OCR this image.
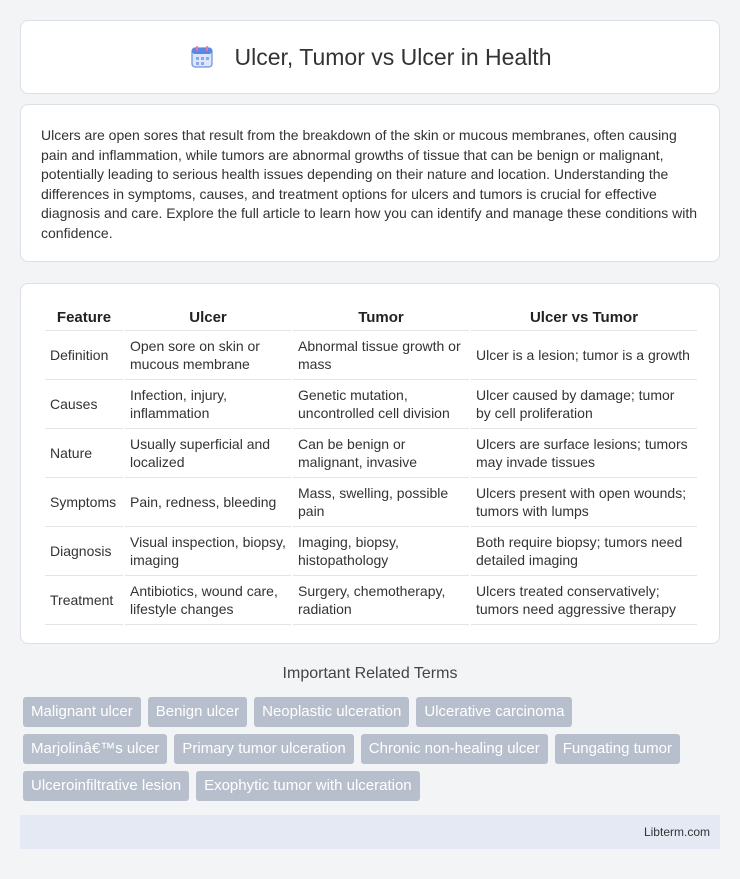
Ulcer, Tumor vs Ulcer in Health

Ulcers are open sores that result from the breakdown of the skin or mucous membranes, often causing pain and inflammation, while tumors are abnormal growths of tissue that can be benign or malignant, potentially leading to serious health issues depending on their nature and location. Understanding the differences in symptoms, causes, and treatment options for ulcers and tumors is crucial for effective diagnosis and care. Explore the full article to learn how you can identify and manage these conditions with confidence.

Feature	Ulcer	Tumor	Ulcer vs Tumor
Definition	Open sore on skin or mucous membrane	Abnormal tissue growth or mass	Ulcer is a lesion; tumor is a growth
Causes	Infection, injury, inflammation	Genetic mutation, uncontrolled cell division	Ulcer caused by damage; tumor by cell proliferation
Nature	Usually superficial and localized	Can be benign or malignant, invasive	Ulcers are surface lesions; tumors may invade tissues
Symptoms	Pain, redness, bleeding	Mass, swelling, possible pain	Ulcers present with open wounds; tumors with lumps
Diagnosis	Visual inspection, biopsy, imaging	Imaging, biopsy, histopathology	Both require biopsy; tumors need detailed imaging
Treatment	Antibiotics, wound care, lifestyle changes	Surgery, chemotherapy, radiation	Ulcers treated conservatively; tumors need aggressive therapy
Important Related Terms
Malignant ulcer	Benign ulcer	Neoplastic ulceration	Ulcerative carcinoma
Marjolinâ€™s ulcer	Primary tumor ulceration	Chronic non-healing ulcer	Fungating tumor
Ulceroinfiltrative lesion	Exophytic tumor with ulceration
Libterm.com
